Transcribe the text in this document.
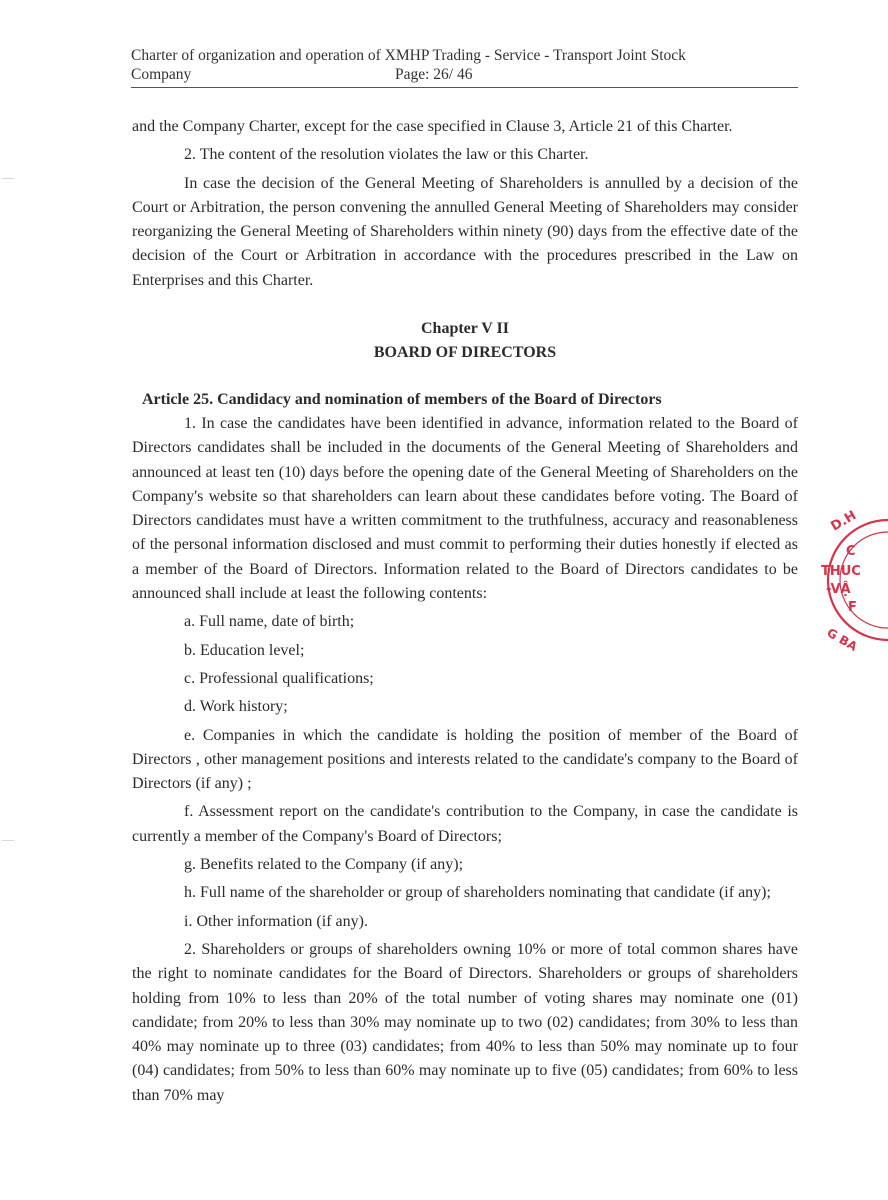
Charter of organization and operation of XMHP Trading - Service - Transport Joint Stock
Company	Page: 26/ 46

and the Company Charter, except for the case specified in Clause 3, Article 21 of this Charter.

2. The content of the resolution violates the law or this Charter.

In case the decision of the General Meeting of Shareholders is annulled by a decision of the Court or Arbitration, the person convening the annulled General Meeting of Shareholders may consider reorganizing the General Meeting of Shareholders within ninety (90) days from the effective date of the decision of the Court or Arbitration in accordance with the procedures prescribed in the Law on Enterprises and this Charter.

Chapter V II

BOARD OF DIRECTORS

Article 25. Candidacy and nomination of members of the Board of Directors

1. In case the candidates have been identified in advance, information related to the Board of Directors candidates shall be included in the documents of the General Meeting of Shareholders and announced at least ten (10) days before the opening date of the General Meeting of Shareholders on the Company's website so that shareholders can learn about these candidates before voting. The Board of Directors candidates must have a written commitment to the truthfulness, accuracy and reasonableness of the personal information disclosed and must commit to performing their duties honestly if elected as a member of the Board of Directors. Information related to the Board of Directors candidates to be announced shall include at least the following contents:

a. Full name, date of birth;

b. Education level;

c. Professional qualifications;

d. Work history;

e. Companies in which the candidate is holding the position of member of the Board of Directors , other management positions and interests related to the candidate's company to the Board of Directors (if any) ;

f. Assessment report on the candidate's contribution to the Company, in case the candidate is currently a member of the Company's Board of Directors;

g. Benefits related to the Company (if any);

h. Full name of the shareholder or group of shareholders nominating that candidate (if any);

i. Other information (if any).

2. Shareholders or groups of shareholders owning 10% or more of total common shares have the right to nominate candidates for the Board of Directors. Shareholders or groups of shareholders holding from 10% to less than 20% of the total number of voting shares may nominate one (01) candidate; from 20% to less than 30% may nominate up to two (02) candidates; from 30% to less than 40% may nominate up to three (03) candidates; from 40% to less than 50% may nominate up to four (04) candidates; from 50% to less than 60% may nominate up to five (05) candidates; from 60% to less than 70% may

D.H
C
THUC
-VẬ
F
G BA
